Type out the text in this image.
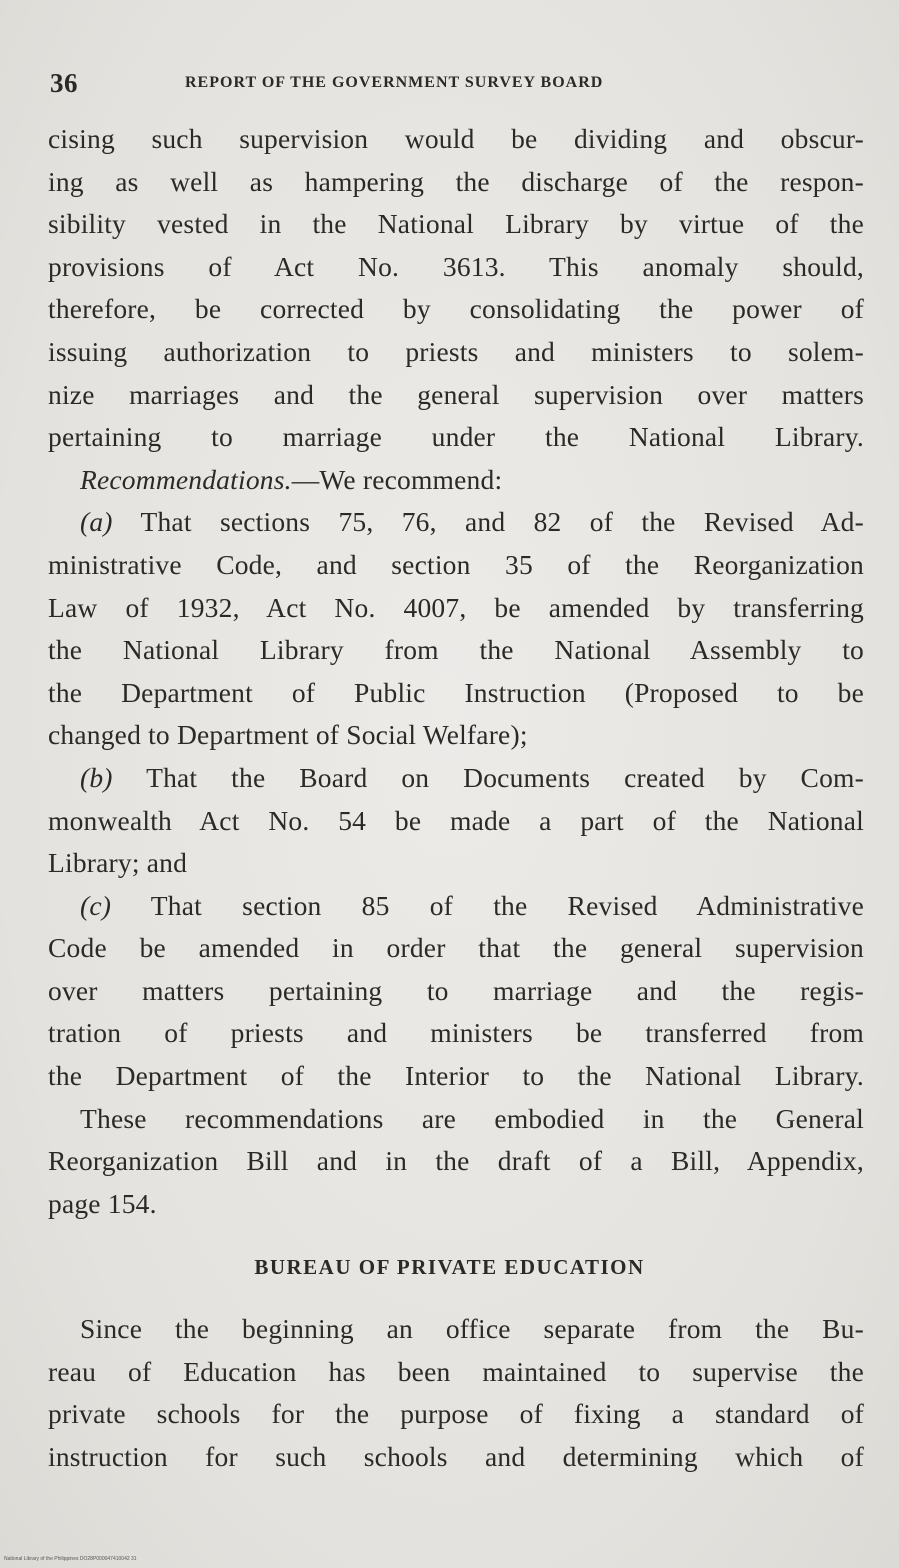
36	REPORT OF THE GOVERNMENT SURVEY BOARD
cising such supervision would be dividing and obscur-
ing as well as hampering the discharge of the respon-
sibility vested in the National Library by virtue of the
provisions of Act No. 3613. This anomaly should,
therefore, be corrected by consolidating the power of
issuing authorization to priests and ministers to solem-
nize marriages and the general supervision over matters
pertaining to marriage under the National Library.
Recommendations.—We recommend:
(a) That sections 75, 76, and 82 of the Revised Ad-
ministrative Code, and section 35 of the Reorganization
Law of 1932, Act No. 4007, be amended by transferring
the National Library from the National Assembly to
the Department of Public Instruction (Proposed to be
changed to Department of Social Welfare);
(b) That the Board on Documents created by Com-
monwealth Act No. 54 be made a part of the National
Library; and
(c) That section 85 of the Revised Administrative
Code be amended in order that the general supervision
over matters pertaining to marriage and the regis-
tration of priests and ministers be transferred from
the Department of the Interior to the National Library.
These recommendations are embodied in the General
Reorganization Bill and in the draft of a Bill, Appendix,
page 154.
BUREAU OF PRIVATE EDUCATION
Since the beginning an office separate from the Bu-
reau of Education has been maintained to supervise the
private schools for the purpose of fixing a standard of
instruction for such schools and determining which of
National Library of the Philippines DO28P000047410042 31
